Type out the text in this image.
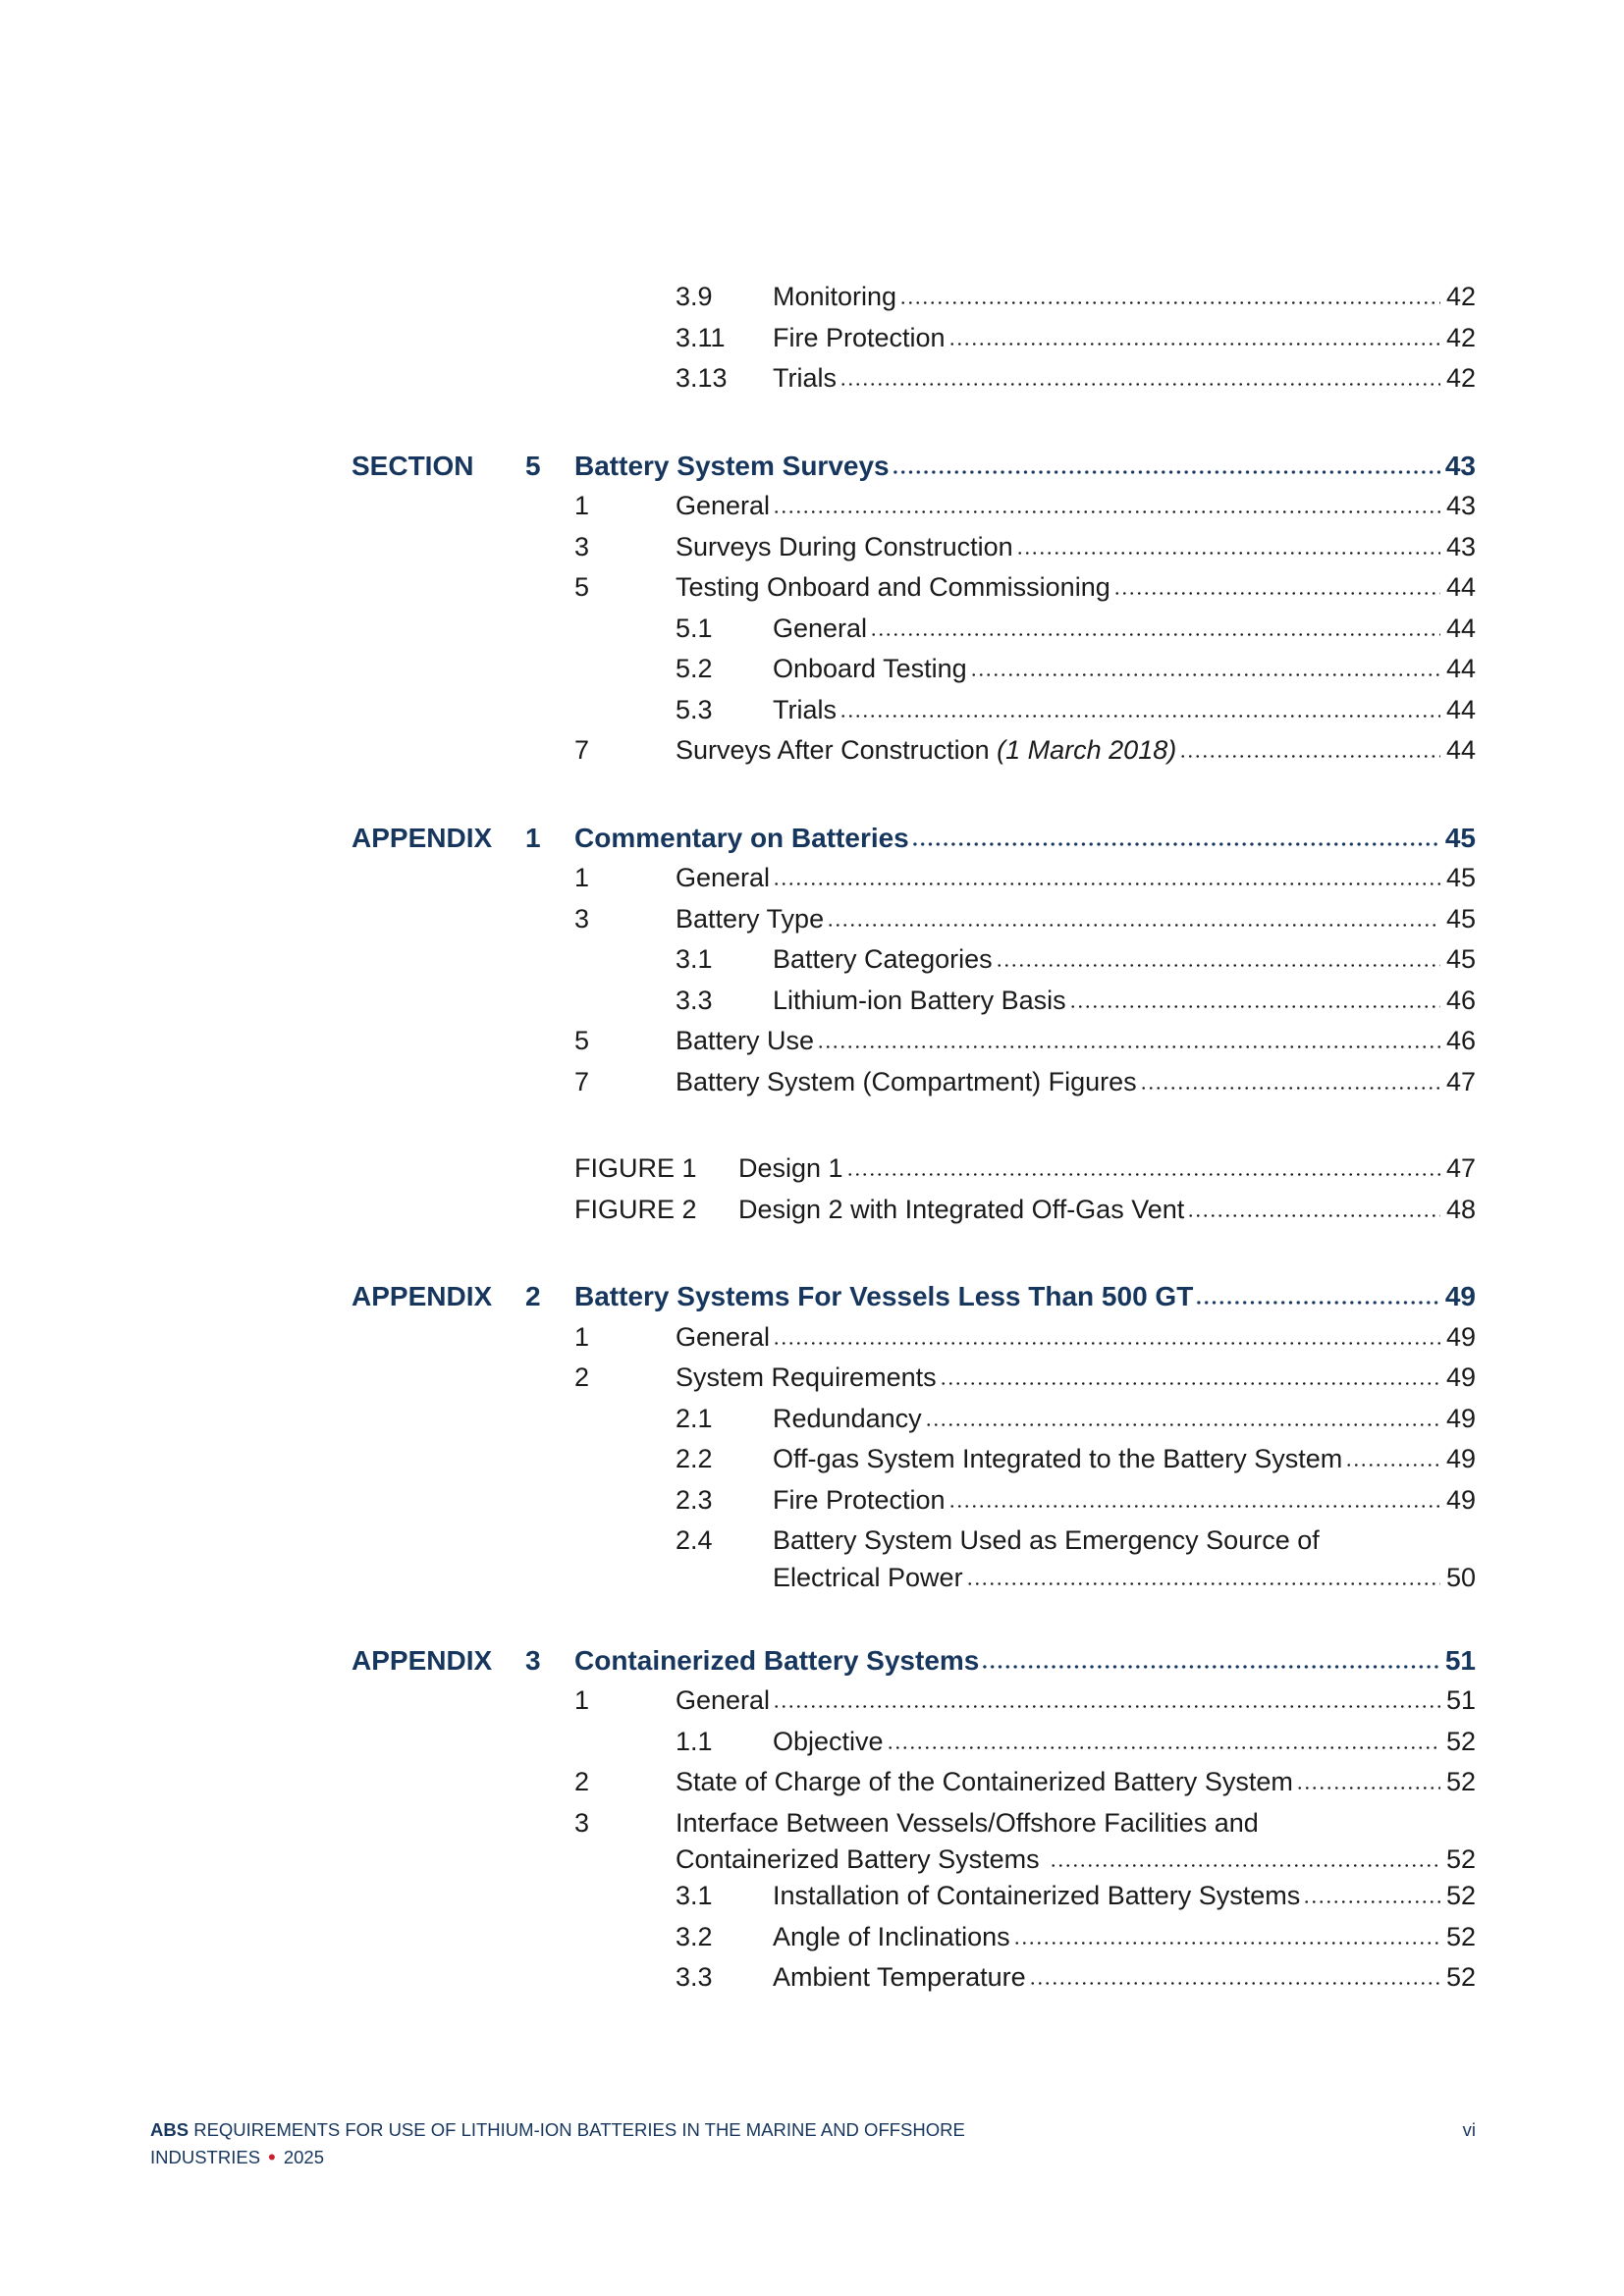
3.9	Monitoring	42
3.11	Fire Protection	42
3.13	Trials	42
SECTION	5	Battery System Surveys	43
1	General	43
3	Surveys During Construction	43
5	Testing Onboard and Commissioning	44
5.1	General	44
5.2	Onboard Testing	44
5.3	Trials	44
7	Surveys After Construction (1 March 2018)	44
APPENDIX	1	Commentary on Batteries	45
1	General	45
3	Battery Type	45
3.1	Battery Categories	45
3.3	Lithium-ion Battery Basis	46
5	Battery Use	46
7	Battery System (Compartment) Figures	47
FIGURE 1	Design 1	47
FIGURE 2	Design 2 with Integrated Off-Gas Vent	48
APPENDIX	2	Battery Systems For Vessels Less Than 500 GT	49
1	General	49
2	System Requirements	49
2.1	Redundancy	49
2.2	Off-gas System Integrated to the Battery System	49
2.3	Fire Protection	49
2.4	Battery System Used as Emergency Source of
Electrical Power	50
APPENDIX	3	Containerized Battery Systems	51
1	General	51
1.1	Objective	52
2	State of Charge of the Containerized Battery System	52
3	Interface Between Vessels/Offshore Facilities and
Containerized Battery Systems	52
3.1	Installation of Containerized Battery Systems	52
3.2	Angle of Inclinations	52
3.3	Ambient Temperature	52
ABS REQUIREMENTS FOR USE OF LITHIUM-ION BATTERIES IN THE MARINE AND OFFSHORE
INDUSTRIES • 2025
vi
